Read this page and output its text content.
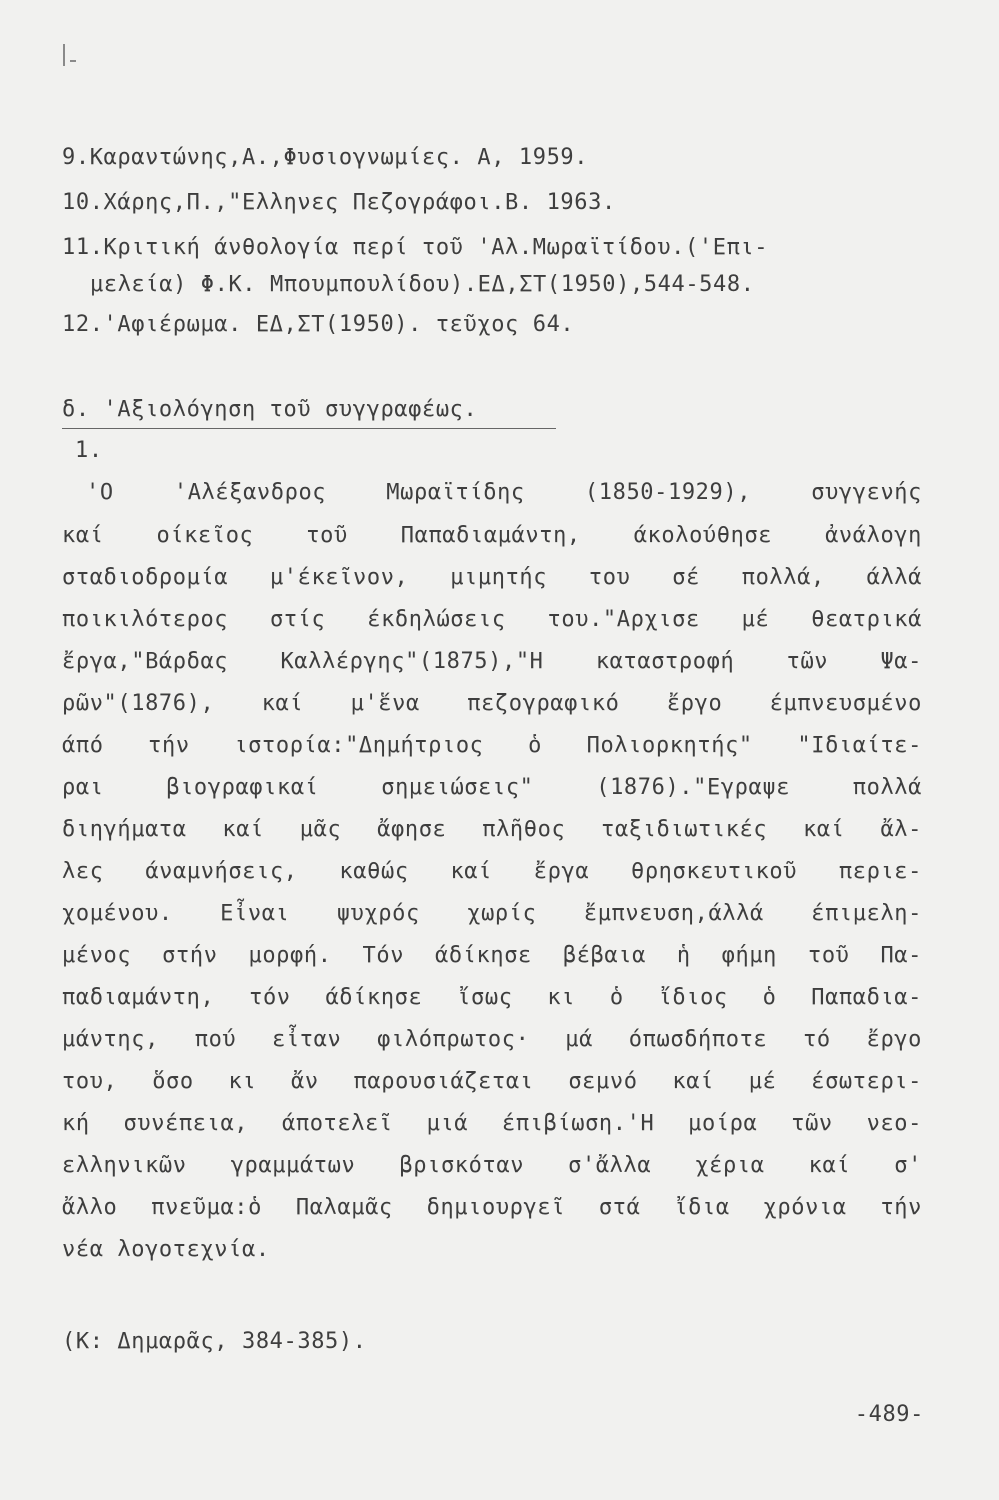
9.Καραντώνης,Α.,Φυσιογνωμίες. Α, 1959.
10.Χάρης,Π.,"Ελληνες Πεζογράφοι.Β. 1963.
11.Κριτική άνθολογία περί τοῦ 'Αλ.Μωραϊτίδου.('Επι-
μελεία) Φ.Κ. Μπουμπουλίδου).ΕΔ,ΣΤ(1950),544-548.
12.'Αφιέρωμα. ΕΔ,ΣΤ(1950). τεῦχος 64.
δ. 'Αξιολόγηση τοῦ συγγραφέως.
1.
'Ο 'Αλέξανδρος Μωραϊτίδης (1850-1929), συγγενής
καί οίκεῖος τοῦ Παπαδιαμάντη, άκολούθησε ἀνάλογη
σταδιοδρομία μ'έκεῖνον, μιμητής του σέ πολλά, άλλά
ποικιλότερος στίς έκδηλώσεις του."Αρχισε μέ θεατρικά
ἔργα,"Βάρδας Καλλέργης"(1875),"Η καταστροφή τῶν Ψα-
ρῶν"(1876), καί μ'ἕνα πεζογραφικό ἔργο έμπνευσμένο
άπό τήν ιστορία:"Δημήτριος ὁ Πολιορκητής" "Ιδιαίτε-
ραι βιογραφικαί σημειώσεις" (1876)."Εγραψε πολλά
διηγήματα καί μᾶς ἄφησε πλῆθος ταξιδιωτικές καί ἄλ-
λες άναμνήσεις, καθώς καί ἔργα θρησκευτικοῦ περιε-
χομένου. Εἶναι ψυχρός χωρίς ἔμπνευση,άλλά έπιμελη-
μένος στήν μορφή. Τόν άδίκησε βέβαια ἡ φήμη τοῦ Πα-
παδιαμάντη, τόν άδίκησε ἴσως κι ὁ ἴδιος ὁ Παπαδια-
μάντης, πού εἶταν φιλόπρωτος· μά όπωσδήποτε τό ἔργο
του, ὅσο κι ἄν παρουσιάζεται σεμνό καί μέ έσωτερι-
κή συνέπεια, άποτελεῖ μιά έπιβίωση.'Η μοίρα τῶν νεο-
ελληνικῶν γραμμάτων βρισκόταν σ'ἄλλα χέρια καί σ'
ἄλλο πνεῦμα:ὁ Παλαμᾶς δημιουργεῖ στά ἴδια χρόνια τήν
νέα λογοτεχνία.
(Κ: Δημαρᾶς, 384-385).
-489-
